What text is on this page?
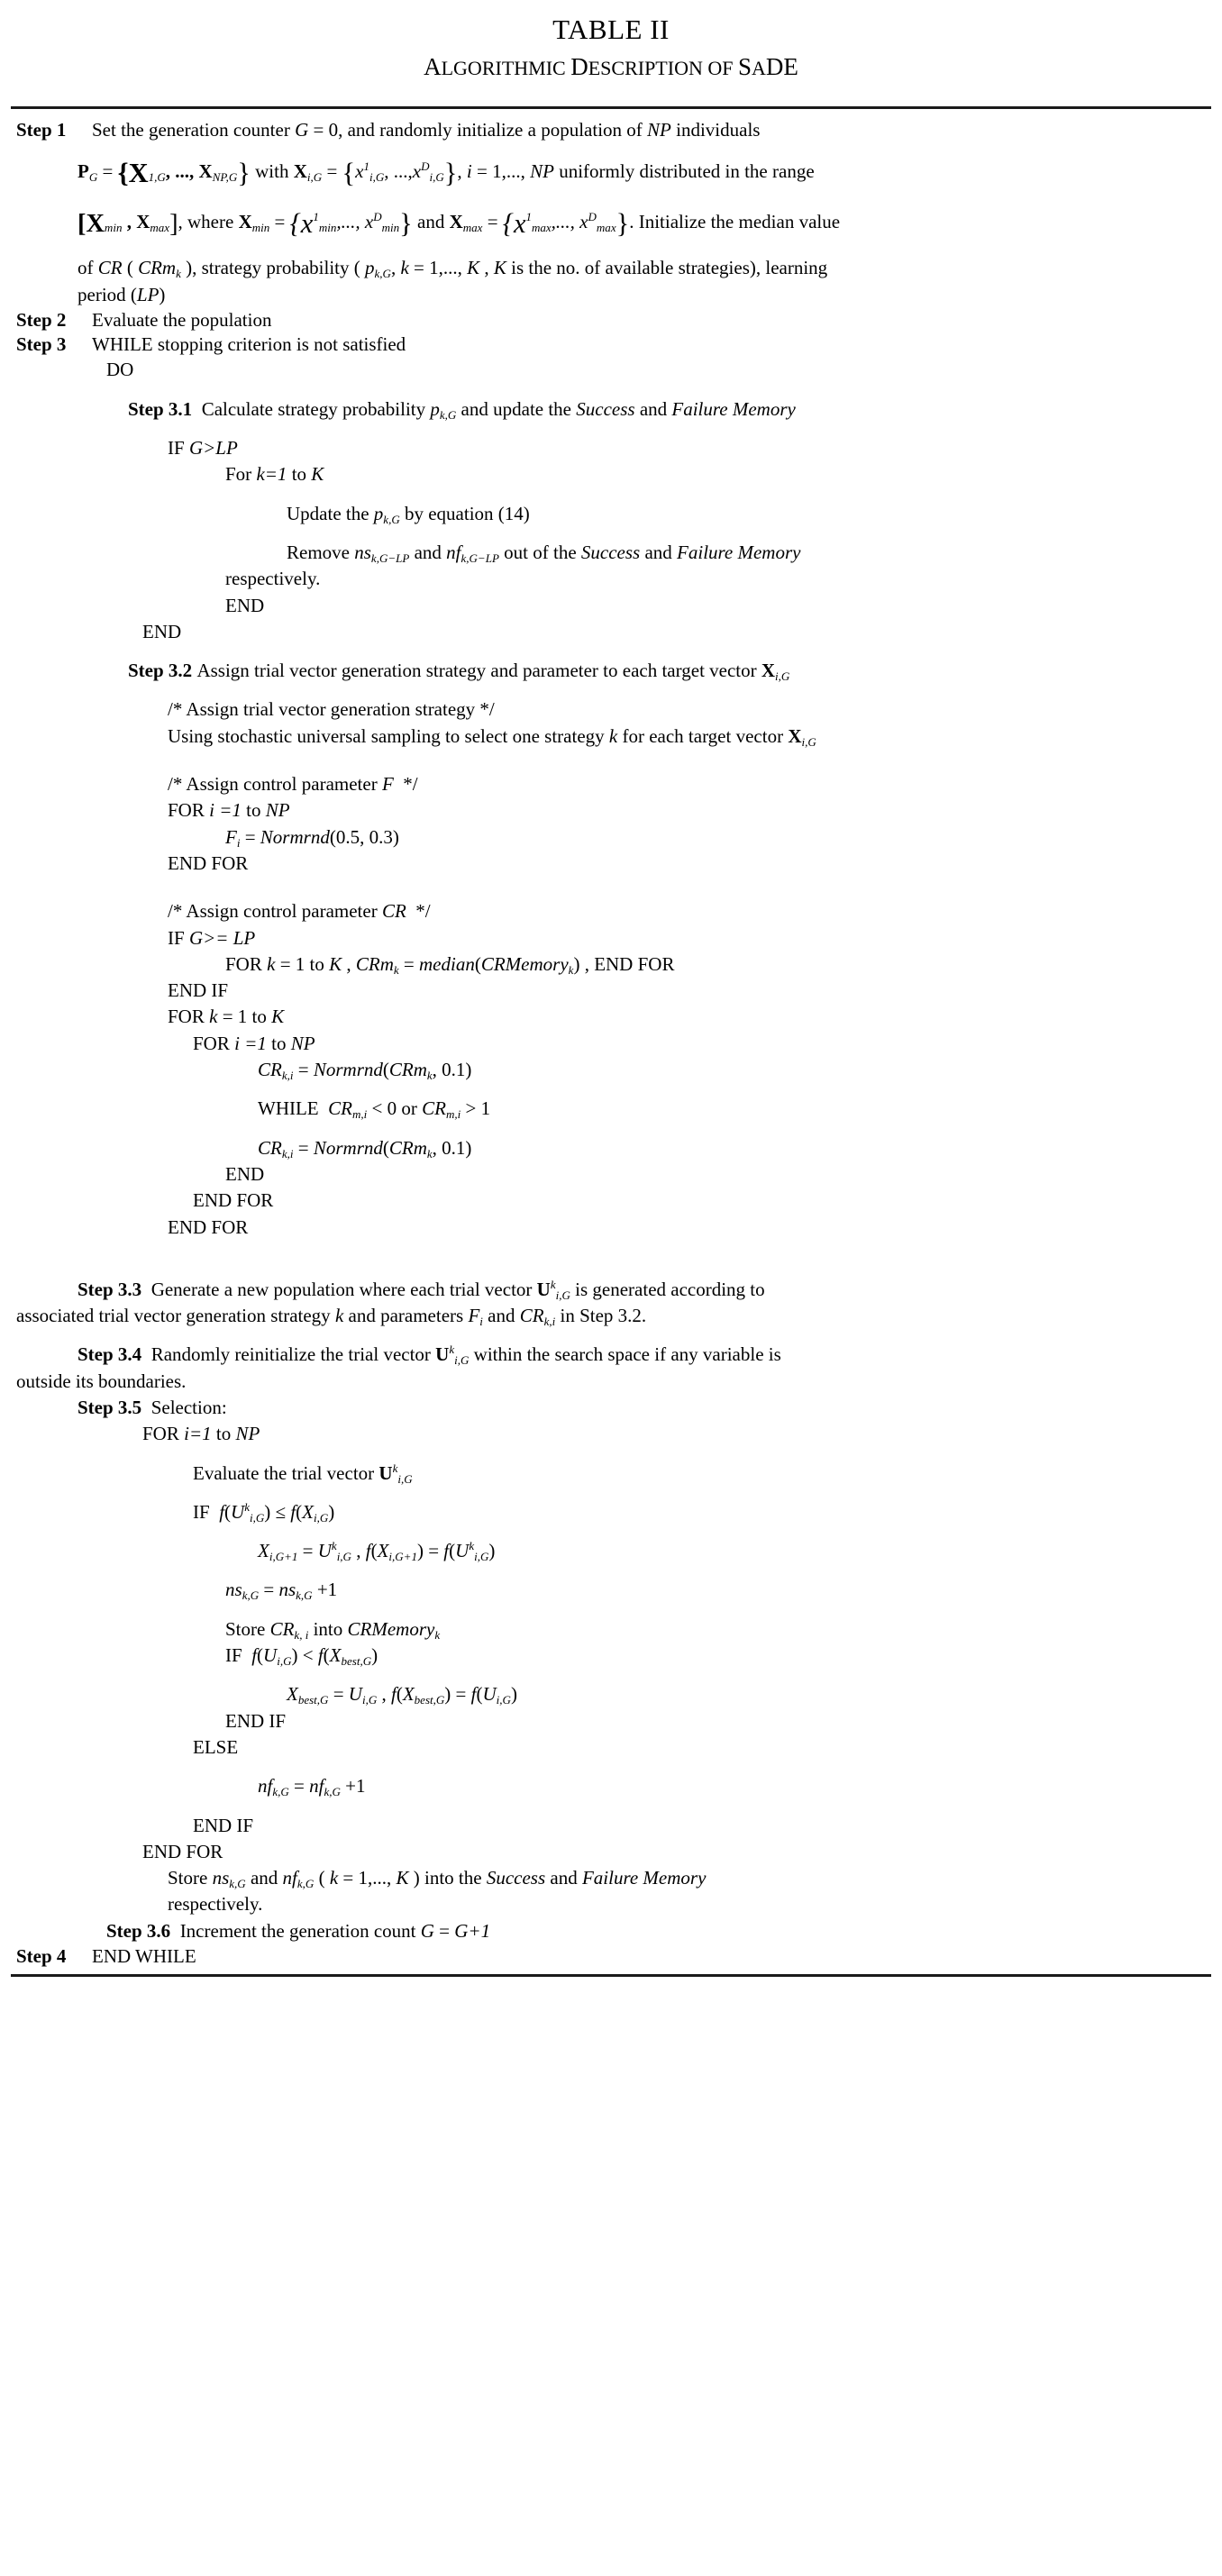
TABLE II
ALGORITHMIC DESCRIPTION OF SADE
Step 1	Set the generation counter G = 0, and randomly initialize a population of NP individuals
$P_G = \{X_{1,G}$, ..., $X_{NP,G}$} with $X_{i,G} = \{x^1_{i,G}$, $...,x^D_{i,G}$}, i = 1,..., NP uniformly distributed in the range
[$X_{min}$ , $X_{max}$], where $X_{min} = \{x^1_{min}$,..., $x^D_{min}$} and $X_{max} = \{x^1_{max}$,..., $x^D_{max}$}. Initialize the median value
of CR ( CRm$_k$ ), strategy probability ( $p_{k,G}$, k = 1,..., K , K is the no. of available strategies), learning
period (LP)
Step 2	Evaluate the population
Step 3	WHILE stopping criterion is not satisfied
DO
Step 3.1 Calculate strategy probability $p_{k,G}$ and update the Success and Failure Memory
IF G>LP
For k=1 to K
Update the $p_{k,G}$ by equation (14)
Remove $ns_{k,G-LP}$ and $nf_{k,G-LP}$ out of the Success and Failure Memory
respectively.
END
END
Step 3.2 Assign trial vector generation strategy and parameter to each target vector $X_{i,G}$
/* Assign trial vector generation strategy */
Using stochastic universal sampling to select one strategy k for each target vector $X_{i,G}$
/* Assign control parameter F  */
FOR i =1 to NP
$F_i$ = Normrnd(0.5, 0.3)
END FOR
/* Assign control parameter CR  */
IF G>= LP
FOR k = 1 to K , CRm$_k$ = median(CRMemory$_k$) , END FOR
END IF
FOR k = 1 to K
FOR i =1 to NP
$CR_{k,i}$ = Normrnd(CRm$_k$, 0.1)
WHILE  $CR_{m,i} < 0$ or $CR_{m,i} > 1$
$CR_{k,i}$ = Normrnd(CRm$_k$, 0.1)
END
END FOR
END FOR
Step 3.3 Generate a new population where each trial vector $U^k_{i,G}$ is generated according to
associated trial vector generation strategy k and parameters $F_i$ and $CR_{k,i}$ in Step 3.2.
Step 3.4 Randomly reinitialize the trial vector $U^k_{i,G}$ within the search space if any variable is
outside its boundaries.
Step 3.5 Selection:
FOR i=1 to NP
Evaluate the trial vector $U^k_{i,G}$
IF  $f(U^k_{i,G}) \le f(X_{i,G})$
$X_{i,G+1} = U^k_{i,G}$ , $f(X_{i,G+1}) = f(U^k_{i,G})$
$ns_{k,G} = ns_{k,G} +1$
Store $CR_{k, i}$ into CRMemory$_k$
IF  $f(U_{i,G}) < f(X_{best,G})$
$X_{best,G} = U_{i,G}$ , $f(X_{best,G}) = f(U_{i,G})$
END IF
ELSE
$nf_{k,G} = nf_{k,G} +1$
END IF
END FOR
Store $ns_{k,G}$ and $nf_{k,G}$ ( k = 1,..., K ) into the Success and Failure Memory
respectively.
Step 3.6 Increment the generation count G = G+1
Step 4	END WHILE
